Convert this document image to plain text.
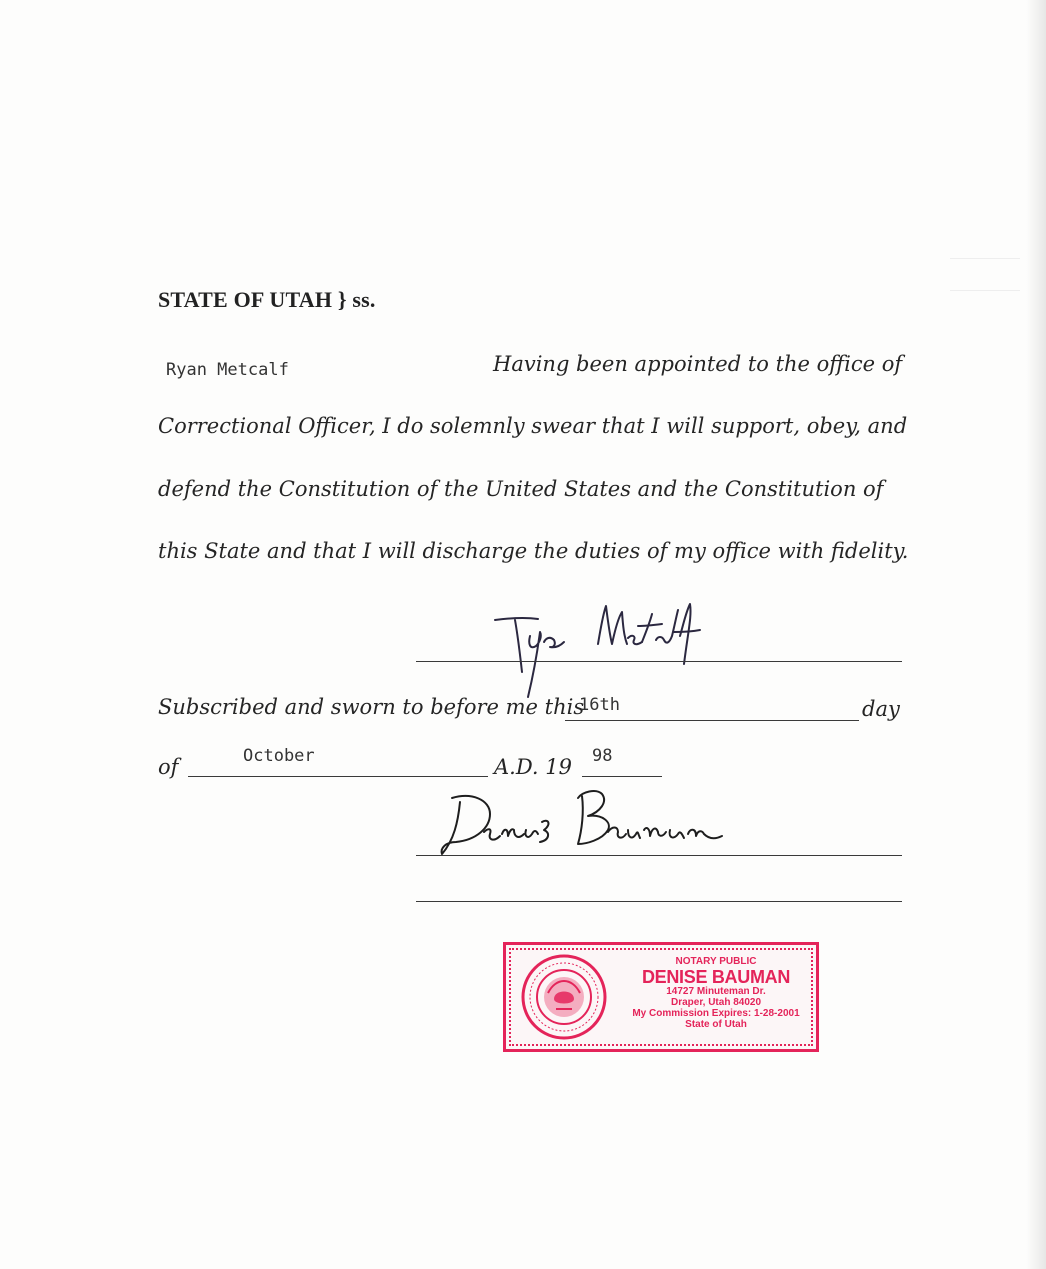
STATE OF UTAH } ss.
Ryan Metcalf	Having been appointed to the office of
Correctional Officer, I do solemnly swear that I will support, obey, and
defend the Constitution of the United States and the Constitution of
this State and that I will discharge the duties of my office with fidelity.
Subscribed and sworn to before me this
16th	day
of	October	A.D. 19 98
NOTARY PUBLIC
DENISE BAUMAN
14727 Minuteman Dr.
Draper, Utah 84020
My Commission Expires: 1-28-2001
State of Utah
